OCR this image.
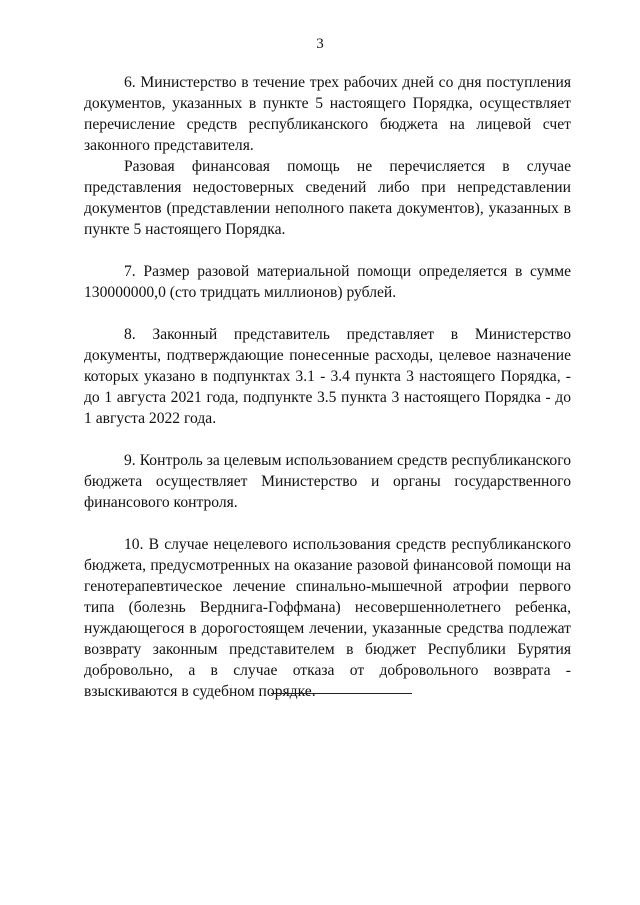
3

6. Министерство в течение трех рабочих дней со дня поступления документов, указанных в пункте 5 настоящего Порядка, осуществляет перечисление средств республиканского бюджета на лицевой счет законного представителя.

Разовая финансовая помощь не перечисляется в случае представления недостоверных сведений либо при непредставлении документов (представлении неполного пакета документов), указанных в пункте 5 настоящего Порядка.

7. Размер разовой материальной помощи определяется в сумме 130000000,0 (сто тридцать миллионов) рублей.

8. Законный представитель представляет в Министерство документы, подтверждающие понесенные расходы, целевое назначение которых указано в подпунктах 3.1 - 3.4 пункта 3 настоящего Порядка, - до 1 августа 2021 года, подпункте 3.5 пункта 3 настоящего Порядка - до 1 августа 2022 года.

9. Контроль за целевым использованием средств республиканского бюджета осуществляет Министерство и органы государственного финансового контроля.

10. В случае нецелевого использования средств республиканского бюджета, предусмотренных на оказание разовой финансовой помощи на генотерапевтическое лечение спинально-мышечной атрофии первого типа (болезнь Верднига-Гоффмана) несовершеннолетнего ребенка, нуждающегося в дорогостоящем лечении, указанные средства подлежат возврату законным представителем в бюджет Республики Бурятия добровольно, а в случае отказа от добровольного возврата - взыскиваются в судебном порядке.
